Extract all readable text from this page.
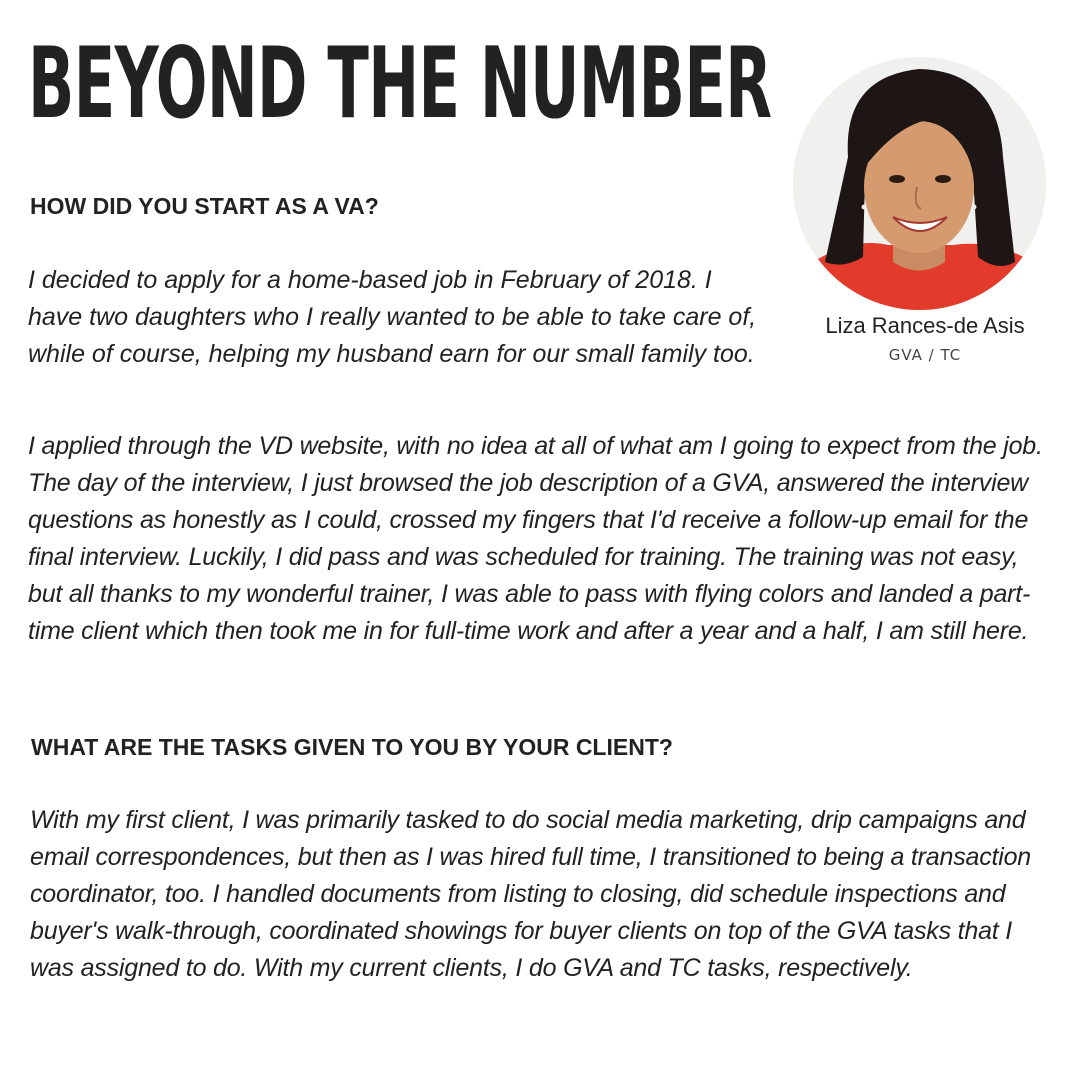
BEYOND THE NUMBER
Liza Rances-de Asis
GVA / TC
HOW DID YOU START AS A VA?

I decided to apply for a home-based job in February of 2018. I have two daughters who I really wanted to be able to take care of, while of course, helping my husband earn for our small family too.

I applied through the VD website, with no idea at all of what am I going to expect from the job. The day of the interview, I just browsed the job description of a GVA, answered the interview questions as honestly as I could, crossed my fingers that I'd receive a follow-up email for the final interview. Luckily, I did pass and was scheduled for training. The training was not easy, but all thanks to my wonderful trainer, I was able to pass with flying colors and landed a part-time client which then took me in for full-time work and after a year and a half, I am still here.

WHAT ARE THE TASKS GIVEN TO YOU BY YOUR CLIENT?

With my first client, I was primarily tasked to do social media marketing, drip campaigns and email correspondences, but then as I was hired full time, I transitioned to being a transaction coordinator, too. I handled documents from listing to closing, did schedule inspections and buyer's walk-through, coordinated showings for buyer clients on top of the GVA tasks that I was assigned to do. With my current clients, I do GVA and TC tasks, respectively.
